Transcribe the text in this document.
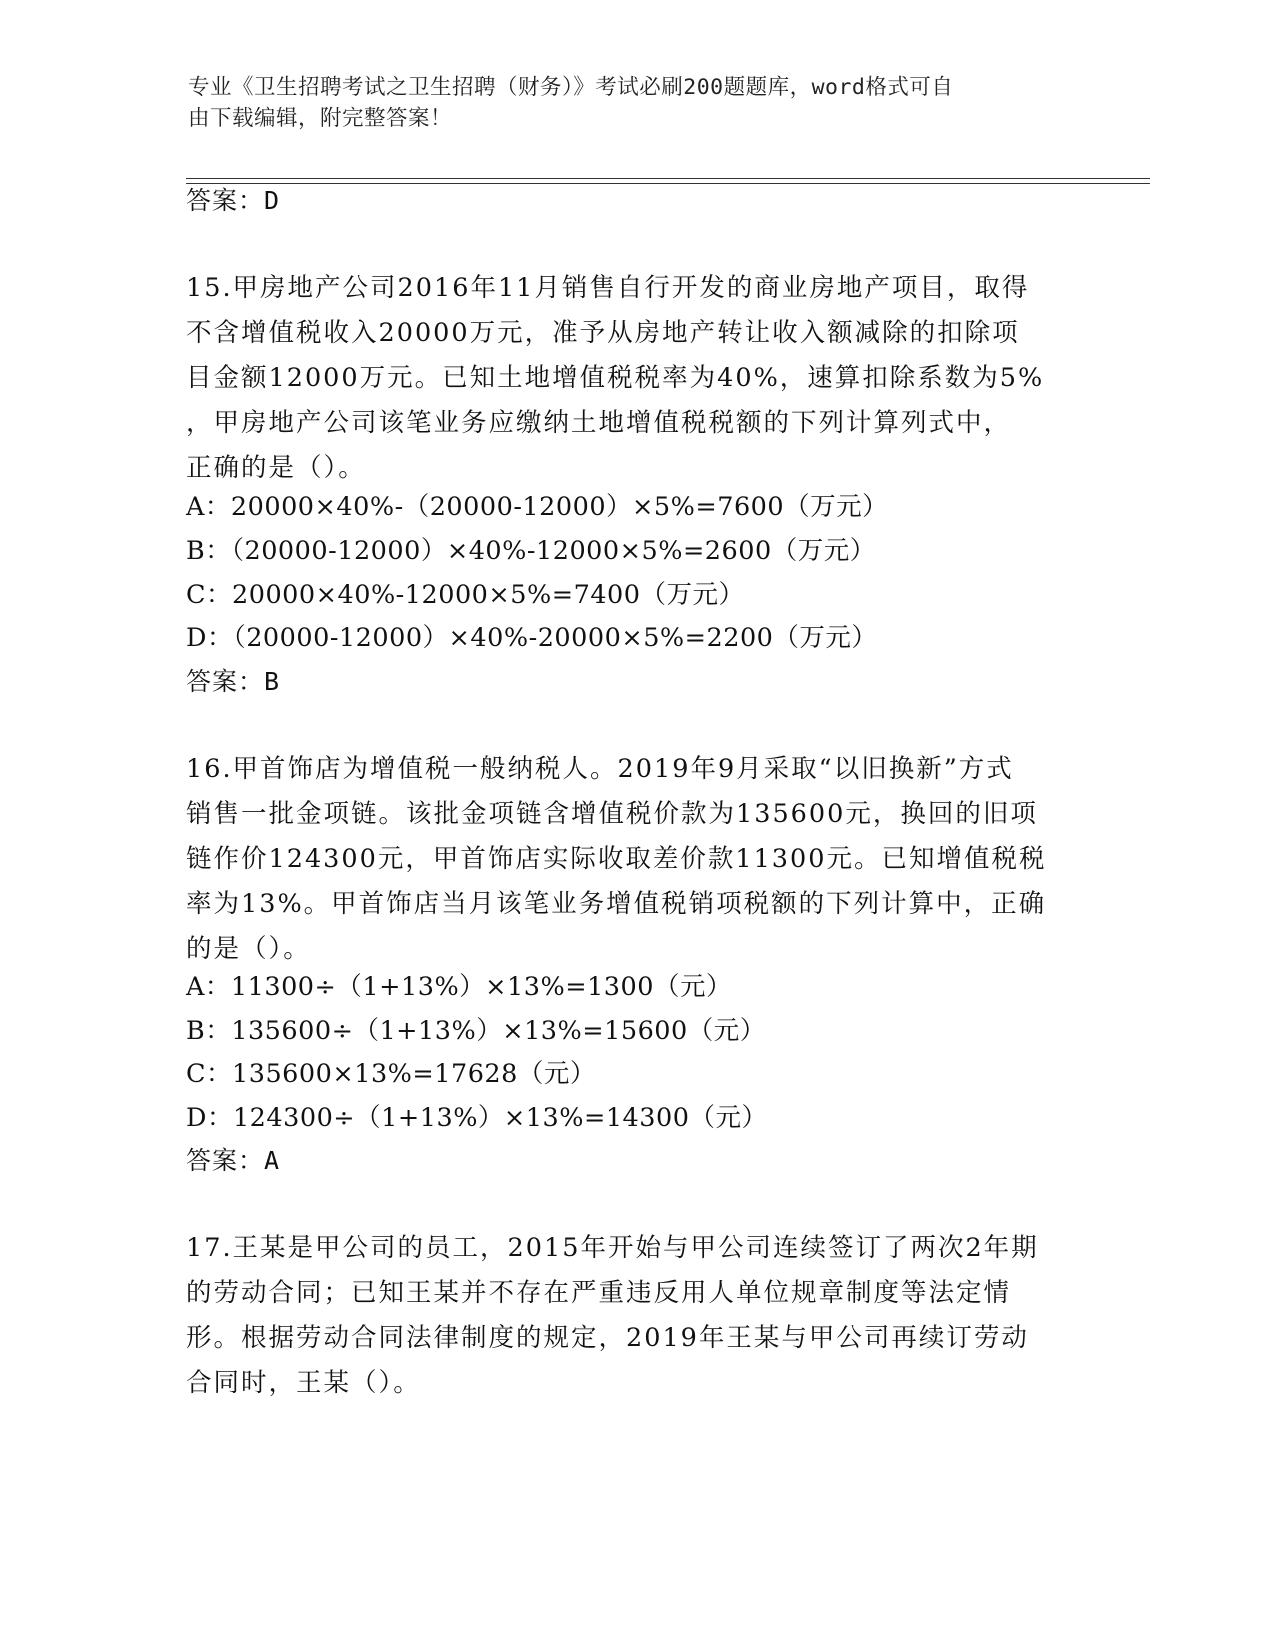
专业《卫生招聘考试之卫生招聘（财务）》考试必刷200题题库，word格式可自
由下载编辑，附完整答案！
答案：D
15.甲房地产公司2016年11月销售自行开发的商业房地产项目，取得
不含增值税收入20000万元，准予从房地产转让收入额减除的扣除项
目金额12000万元。已知土地增值税税率为40%，速算扣除系数为5%
，甲房地产公司该笔业务应缴纳土地增值税税额的下列计算列式中，
正确的是（）。
A：20000×40%-（20000-12000）×5%=7600（万元）
B：（20000-12000）×40%-12000×5%=2600（万元）
C：20000×40%-12000×5%=7400（万元）
D：（20000-12000）×40%-20000×5%=2200（万元）
答案：B
16.甲首饰店为增值税一般纳税人。2019年9月采取“以旧换新”方式
销售一批金项链。该批金项链含增值税价款为135600元，换回的旧项
链作价124300元，甲首饰店实际收取差价款11300元。已知增值税税
率为13%。甲首饰店当月该笔业务增值税销项税额的下列计算中，正确
的是（）。
A：11300÷（1+13%）×13%=1300（元）
B：135600÷（1+13%）×13%=15600（元）
C：135600×13%=17628（元）
D：124300÷（1+13%）×13%=14300（元）
答案：A
17.王某是甲公司的员工，2015年开始与甲公司连续签订了两次2年期
的劳动合同；已知王某并不存在严重违反用人单位规章制度等法定情
形。根据劳动合同法律制度的规定，2019年王某与甲公司再续订劳动
合同时，王某（）。
